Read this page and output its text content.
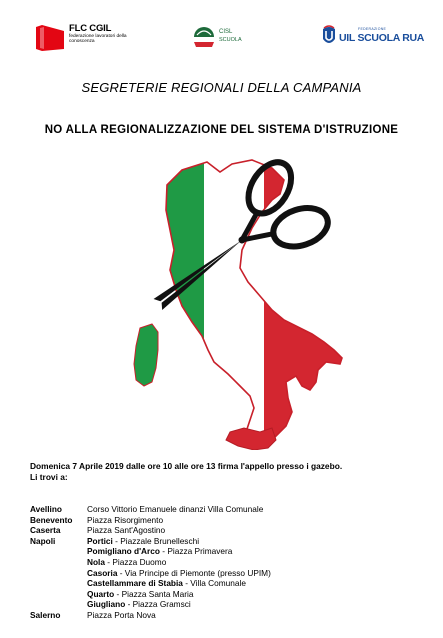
FLC CGIL
federazione lavoratori della conoscenza
CISL
SCUOLA
FEDERAZIONE
UIL SCUOLA RUA
SEGRETERIE REGIONALI DELLA CAMPANIA
NO ALLA REGIONALIZZAZIONE DEL SISTEMA D'ISTRUZIONE
Domenica 7 Aprile 2019 dalle ore 10 alle ore 13 firma l'appello presso i gazebo.
Li trovi a:
Avellino	Corso Vittorio Emanuele dinanzi Villa Comunale
Benevento	Piazza Risorgimento
Caserta	Piazza Sant'Agostino
Napoli	Portici - Piazzale Brunelleschi
Pomigliano d'Arco - Piazza Primavera
Nola - Piazza Duomo
Casoria - Via Principe di Piemonte (presso UPIM)
Castellammare di Stabia - Villa Comunale
Quarto - Piazza Santa Maria
Giugliano - Piazza Gramsci
Salerno	Piazza Porta Nova
